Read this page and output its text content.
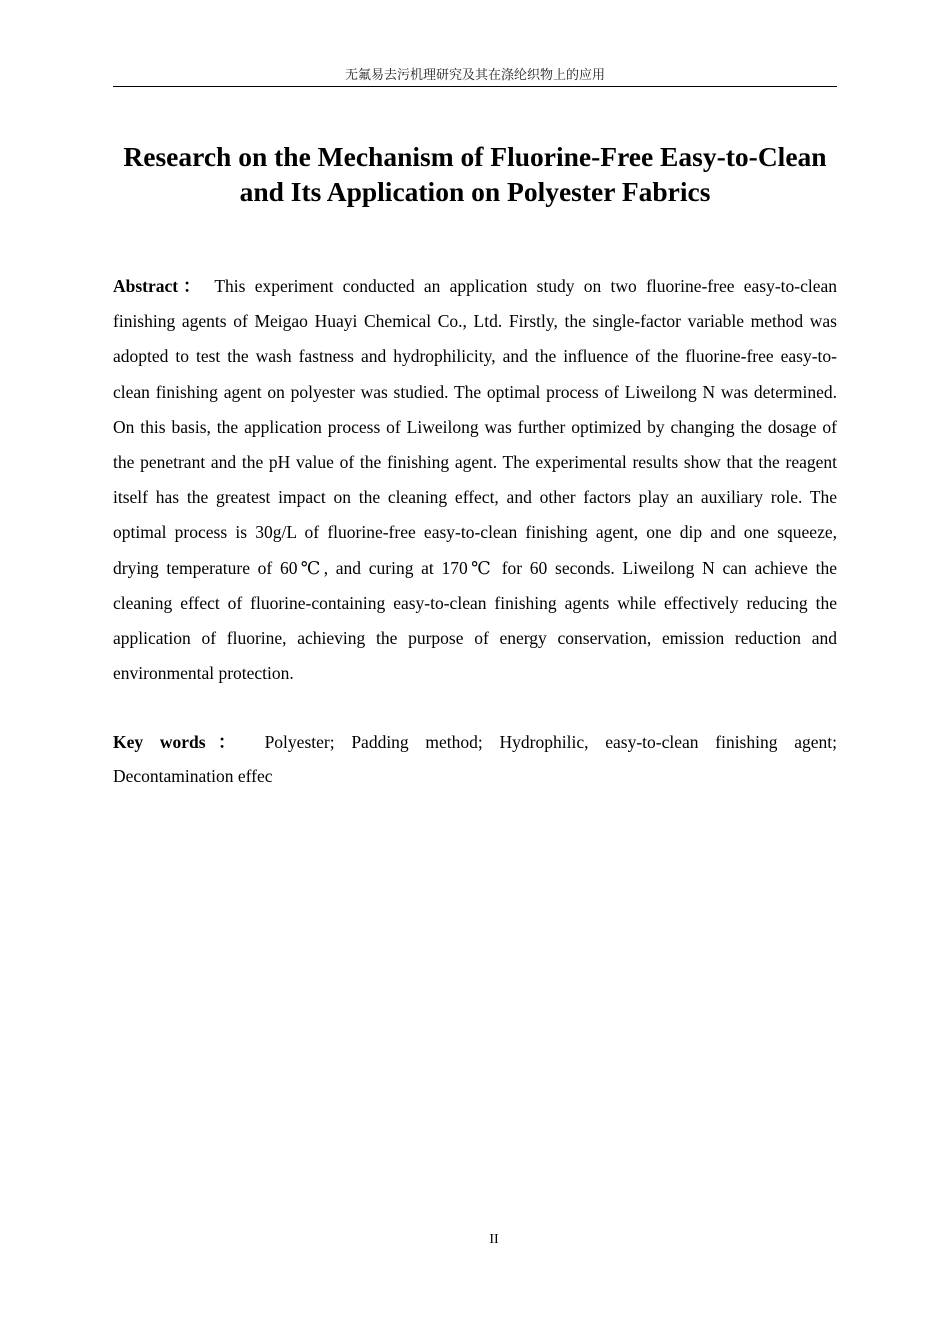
无氟易去污机理研究及其在涤纶织物上的应用
Research on the Mechanism of Fluorine-Free Easy-to-Clean and Its Application on Polyester Fabrics

Abstract： This experiment conducted an application study on two fluorine-free easy-to-clean finishing agents of Meigao Huayi Chemical Co., Ltd. Firstly, the single-factor variable method was adopted to test the wash fastness and hydrophilicity, and the influence of the fluorine-free easy-to-clean finishing agent on polyester was studied. The optimal process of Liweilong N was determined. On this basis, the application process of Liweilong was further optimized by changing the dosage of the penetrant and the pH value of the finishing agent. The experimental results show that the reagent itself has the greatest impact on the cleaning effect, and other factors play an auxiliary role. The optimal process is 30g/L of fluorine-free easy-to-clean finishing agent, one dip and one squeeze, drying temperature of 60℃, and curing at 170℃ for 60 seconds. Liweilong N can achieve the cleaning effect of fluorine-containing easy-to-clean finishing agents while effectively reducing the application of fluorine, achieving the purpose of energy conservation, emission reduction and environmental protection.

Key words： Polyester; Padding method; Hydrophilic, easy-to-clean finishing agent; Decontamination effec

II
